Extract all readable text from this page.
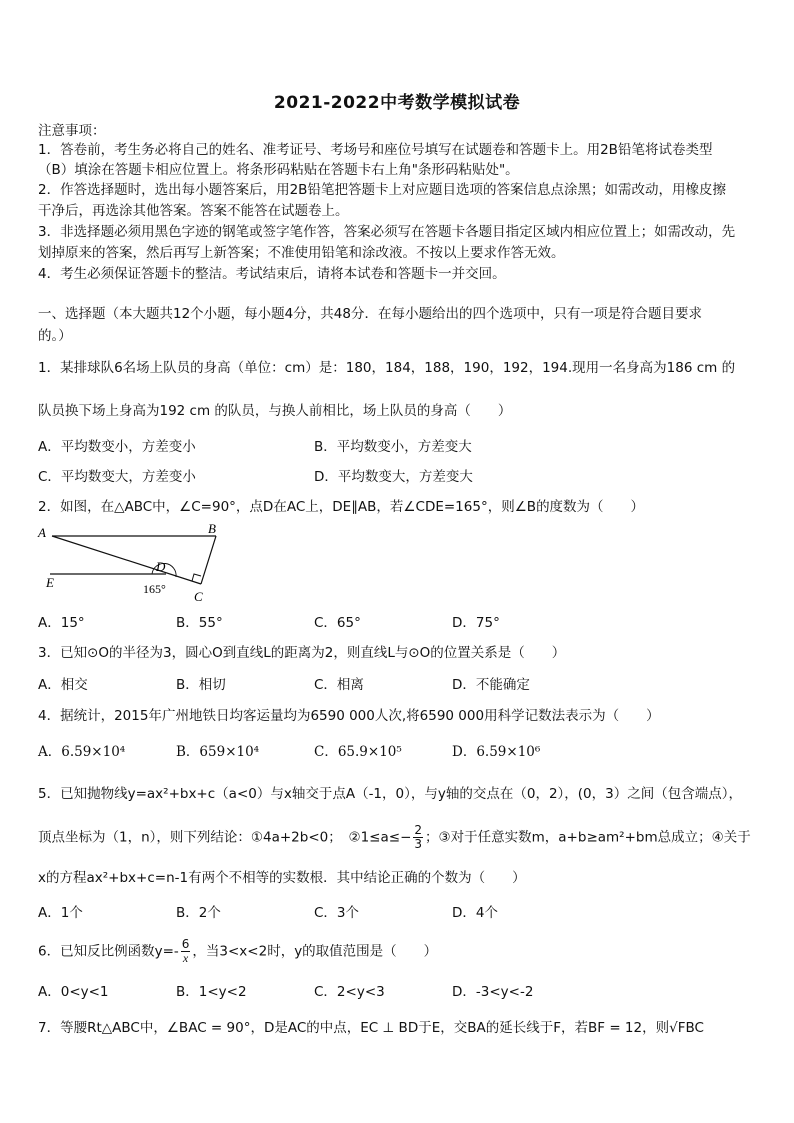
2021-2022中考数学模拟试卷
注意事项：
1．答卷前，考生务必将自己的姓名、准考证号、考场号和座位号填写在试题卷和答题卡上。用2B铅笔将试卷类型
（B）填涂在答题卡相应位置上。将条形码粘贴在答题卡右上角"条形码粘贴处"。
2．作答选择题时，选出每小题答案后，用2B铅笔把答题卡上对应题目选项的答案信息点涂黑；如需改动，用橡皮擦
干净后，再选涂其他答案。答案不能答在试题卷上。
3．非选择题必须用黑色字迹的钢笔或签字笔作答，答案必须写在答题卡各题目指定区域内相应位置上；如需改动，先
划掉原来的答案，然后再写上新答案；不准使用铅笔和涂改液。不按以上要求作答无效。
4．考生必须保证答题卡的整洁。考试结束后，请将本试卷和答题卡一并交回。
一、选择题（本大题共12个小题，每小题4分，共48分．在每小题给出的四个选项中，只有一项是符合题目要求
的。）
1．某排球队6名场上队员的身高（单位：cm）是：180，184，188，190，192，194.现用一名身高为186 cm 的
队员换下场上身高为192 cm 的队员，与换人前相比，场上队员的身高（　　）
A．平均数变小，方差变小	B．平均数变小，方差变大
C．平均数变大，方差变小	D．平均数变大，方差变大
2．如图，在△ABC中，∠C=90°，点D在AC上，DE∥AB，若∠CDE=165°，则∠B的度数为（　　）
A	B
C
D
E	165°
A．15°	B．55°	C．65°	D．75°
3．已知⊙O的半径为3，圆心O到直线L的距离为2，则直线L与⊙O的位置关系是（　　）
A．相交	B．相切	C．相离	D．不能确定
4．据统计，2015年广州地铁日均客运量均为6590 000人次,将6590 000用科学记数法表示为（　　）
A．6.59×10⁴	B．659×10⁴	C．65.9×10⁵	D．6.59×10⁶
5．已知抛物线y=ax²+bx+c（a<0）与x轴交于点A（-1，0），与y轴的交点在（0，2），(0，3）之间（包含端点），
顶点坐标为（1，n），则下列结论：①4a+2b<0；　②1≤a≤− $\frac{2}{3}$ ；③对于任意实数m，a+b≥am²+bm总成立；④关于
x的方程ax²+bx+c=n-1有两个不相等的实数根．其中结论正确的个数为（　　）
A．1个	B．2个	C．3个	D．4个
6．已知反比例函数$y=- \frac{6}{x}$ ，当3<x<2时，y的取值范围是（　　）
A．0<y<1	B．1<y<2	C．2<y<3	D．-3<y<-2
7．等腰Rt△ABC中，∠BAC = 90°，D是AC的中点，EC ⊥ BD于E，交BA的延长线于F，若BF = 12，则√FBC
